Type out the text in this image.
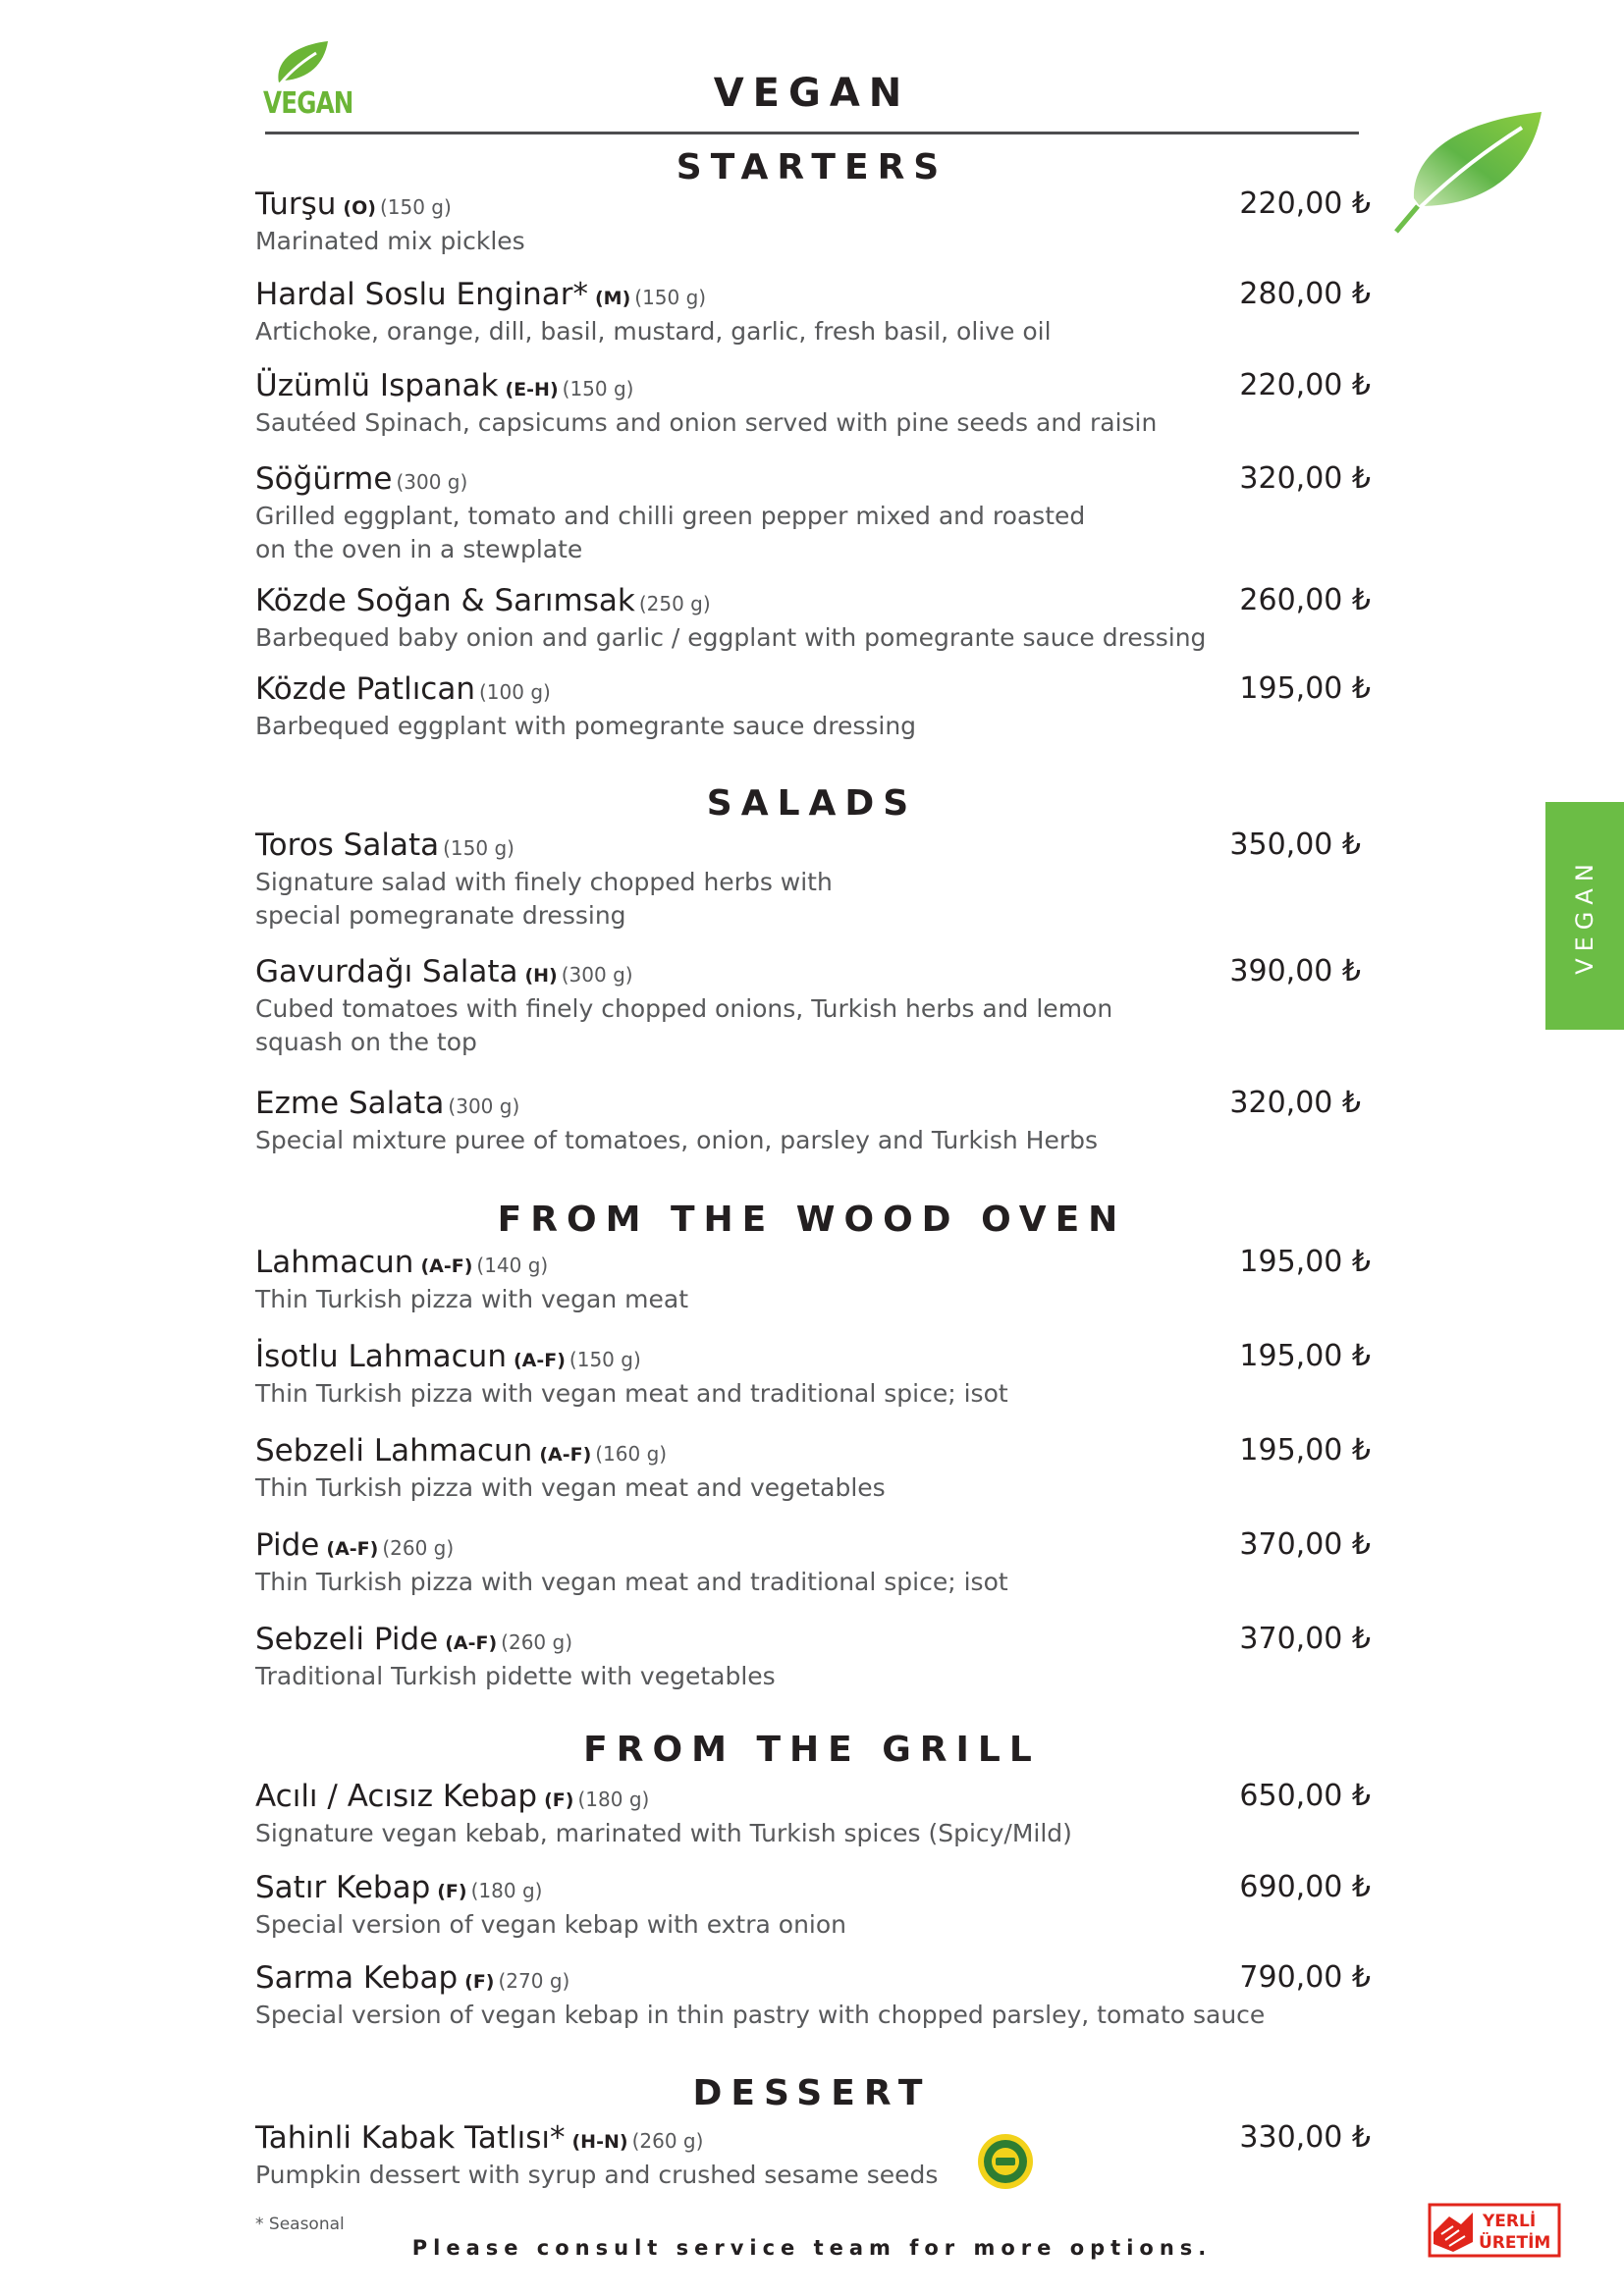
VEGAN	VEGAN
VEGAN
STARTERS
Turşu (O) (150 g)	220,00 ₺
Marinated mix pickles
Hardal Soslu Enginar* (M) (150 g)	280,00 ₺
Artichoke, orange, dill, basil, mustard, garlic, fresh basil, olive oil
Üzümlü Ispanak (E-H) (150 g)	220,00 ₺
Sautéed Spinach, capsicums and onion served with pine seeds and raisin
Söğürme (300 g)	320,00 ₺
Grilled eggplant, tomato and chilli green pepper mixed and roasted
on the oven in a stewplate
Közde Soğan & Sarımsak (250 g)	260,00 ₺
Barbequed baby onion and garlic / eggplant with pomegrante sauce dressing
Közde Patlıcan (100 g)	195,00 ₺
Barbequed eggplant with pomegrante sauce dressing
SALADS
Toros Salata (150 g)	350,00 ₺
Signature salad with finely chopped herbs with
special pomegranate dressing
Gavurdağı Salata (H) (300 g)	390,00 ₺
Cubed tomatoes with finely chopped onions, Turkish herbs and lemon
squash on the top
Ezme Salata (300 g)	320,00 ₺
Special mixture puree of tomatoes, onion, parsley and Turkish Herbs
FROM THE WOOD OVEN
Lahmacun (A-F) (140 g)	195,00 ₺
Thin Turkish pizza with vegan meat
İsotlu Lahmacun (A-F) (150 g)	195,00 ₺
Thin Turkish pizza with vegan meat and traditional spice; isot
Sebzeli Lahmacun (A-F) (160 g)	195,00 ₺
Thin Turkish pizza with vegan meat and vegetables
Pide (A-F) (260 g)	370,00 ₺
Thin Turkish pizza with vegan meat and traditional spice; isot
Sebzeli Pide (A-F) (260 g)	370,00 ₺
Traditional Turkish pidette with vegetables
FROM THE GRILL
Acılı / Acısız Kebap (F) (180 g)	650,00 ₺
Signature vegan kebab, marinated with Turkish spices (Spicy/Mild)
Satır Kebap (F) (180 g)	690,00 ₺
Special version of vegan kebap with extra onion
Sarma Kebap (F) (270 g)	790,00 ₺
Special version of vegan kebap in thin pastry with chopped parsley, tomato sauce
DESSERT
Tahinli Kabak Tatlısı* (H-N) (260 g)	330,00 ₺
Pumpkin dessert with syrup and crushed sesame seeds
* Seasonal
Please consult service team for more options.
YERLİ
ÜRETİM
